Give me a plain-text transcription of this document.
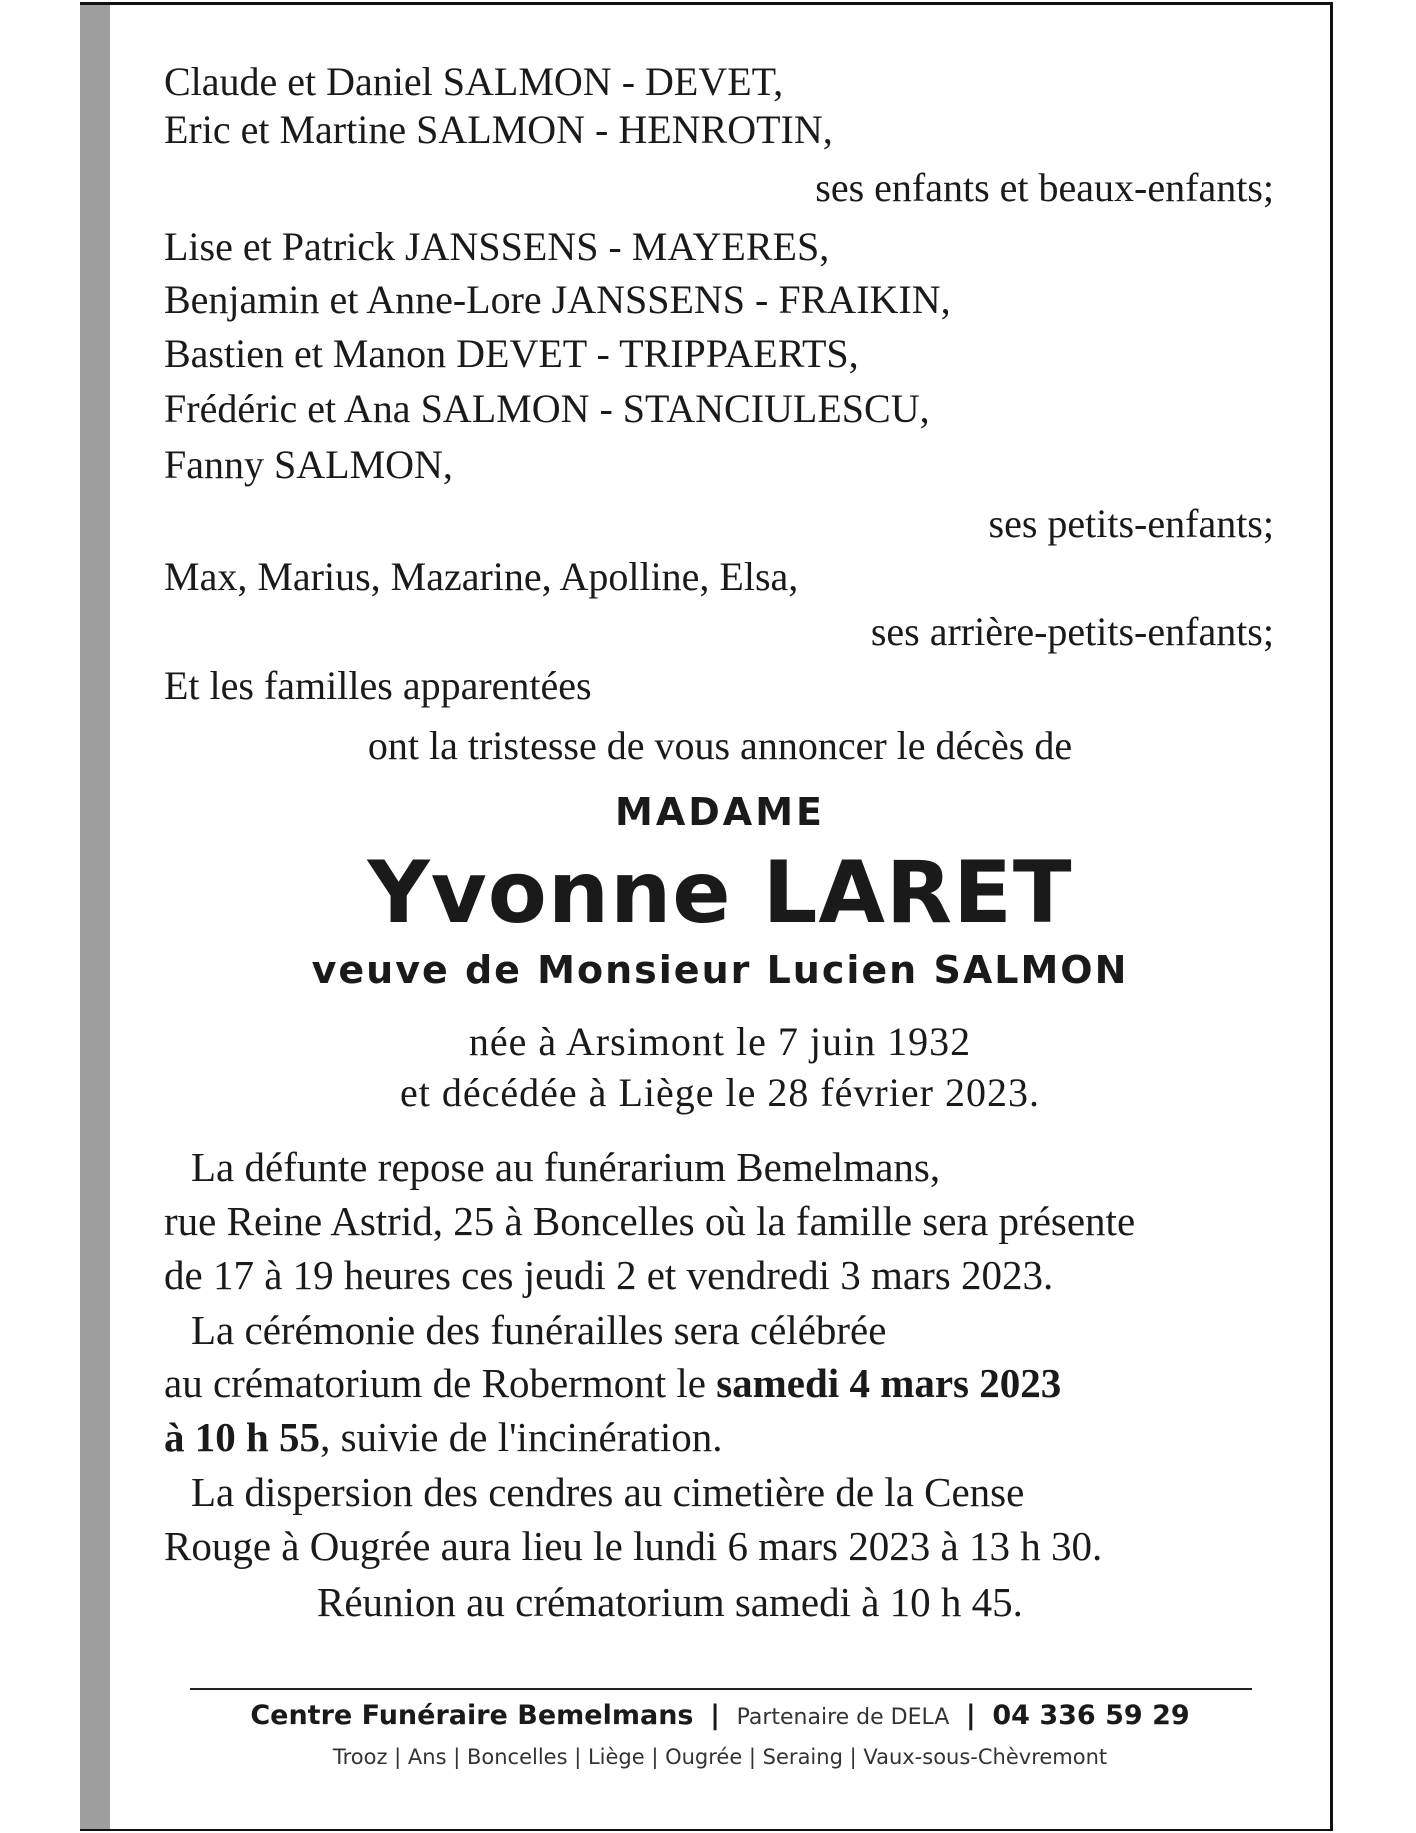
Claude et Daniel SALMON - DEVET,
Eric et Martine SALMON - HENROTIN,
ses enfants et beaux-enfants;
Lise et Patrick JANSSENS - MAYERES,
Benjamin et Anne-Lore JANSSENS - FRAIKIN,
Bastien et Manon DEVET - TRIPPAERTS,
Frédéric et Ana SALMON - STANCIULESCU,
Fanny SALMON,
ses petits-enfants;
Max, Marius, Mazarine, Apolline, Elsa,
ses arrière-petits-enfants;
Et les familles apparentées
ont la tristesse de vous annoncer le décès de
MADAME
Yvonne LARET
veuve de Monsieur Lucien SALMON
née à Arsimont le 7 juin 1932
et décédée à Liège le 28 février 2023.
La défunte repose au funérarium Bemelmans,
rue Reine Astrid, 25 à Boncelles où la famille sera présente
de 17 à 19 heures ces jeudi 2 et vendredi 3 mars 2023.
La cérémonie des funérailles sera célébrée
au crématorium de Robermont le samedi 4 mars 2023
à 10 h 55, suivie de l'incinération.
La dispersion des cendres au cimetière de la Cense
Rouge à Ougrée aura lieu le lundi 6 mars 2023 à 13 h 30.
Réunion au crématorium samedi à 10 h 45.
Centre Funéraire Bemelmans | Partenaire de DELA | 04 336 59 29
Trooz | Ans | Boncelles | Liège | Ougrée | Seraing | Vaux-sous-Chèvremont
